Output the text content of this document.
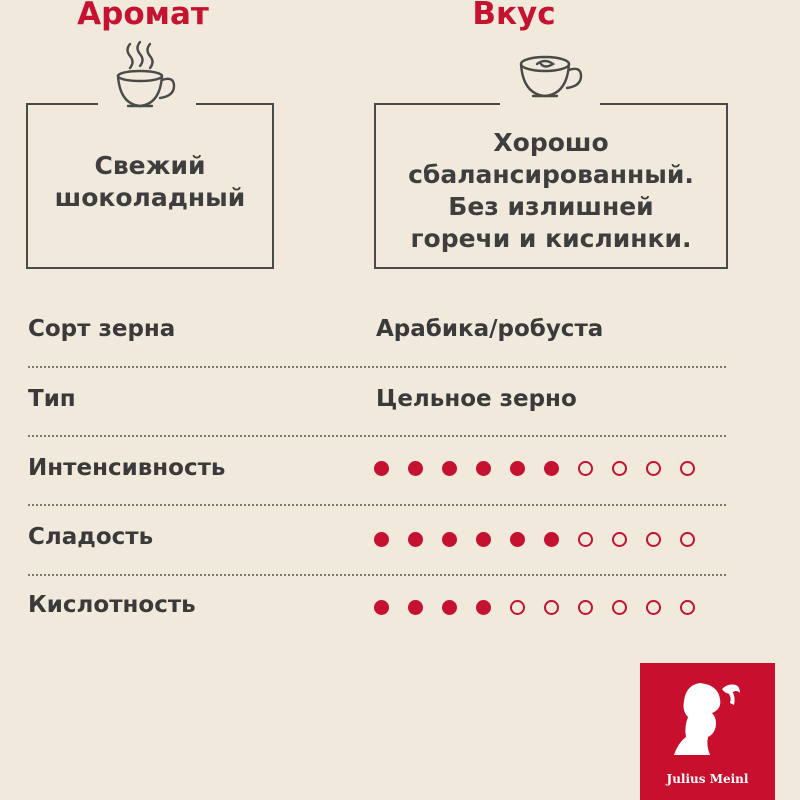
Аромат
Свежий
шоколадный
Вкус
Хорошо
сбалансированный.
Без излишней
горечи и кислинки.
Сорт зерна	Арабика/робуста
Тип	Цельное зерно
Интенсивность
Сладость
Кислотность
Julius Meinl
